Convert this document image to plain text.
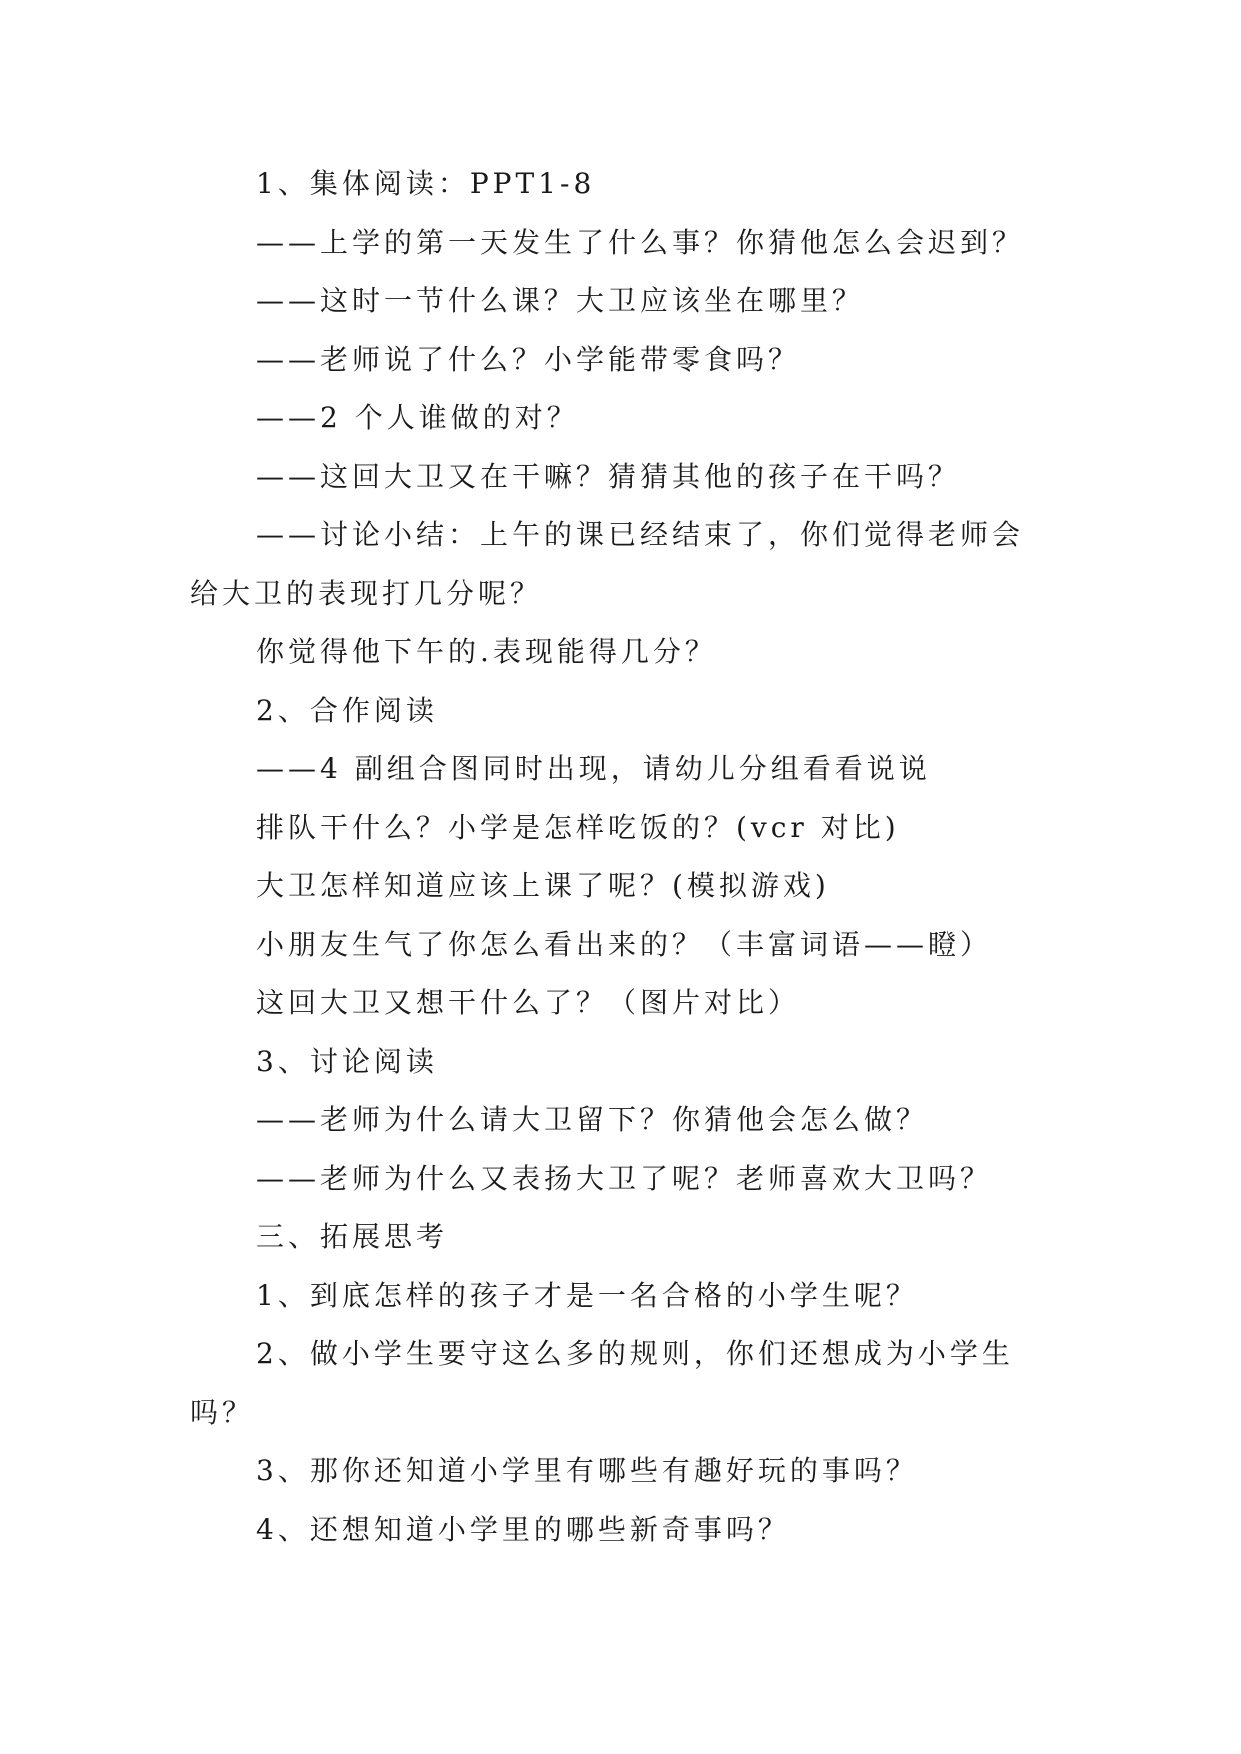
1、集体阅读：PPT1-8
——上学的第一天发生了什么事？你猜他怎么会迟到？
——这时一节什么课？大卫应该坐在哪里？
——老师说了什么？小学能带零食吗？
——2 个人谁做的对？
——这回大卫又在干嘛？猜猜其他的孩子在干吗？
——讨论小结：上午的课已经结束了，你们觉得老师会
给大卫的表现打几分呢？
你觉得他下午的.表现能得几分？
2、合作阅读
——4 副组合图同时出现，请幼儿分组看看说说
排队干什么？小学是怎样吃饭的？(vcr 对比)
大卫怎样知道应该上课了呢？(模拟游戏)
小朋友生气了你怎么看出来的？（丰富词语——瞪）
这回大卫又想干什么了？（图片对比）
3、讨论阅读
——老师为什么请大卫留下？你猜他会怎么做？
——老师为什么又表扬大卫了呢？老师喜欢大卫吗？
三、拓展思考
1、到底怎样的孩子才是一名合格的小学生呢？
2、做小学生要守这么多的规则，你们还想成为小学生
吗？
3、那你还知道小学里有哪些有趣好玩的事吗？
4、还想知道小学里的哪些新奇事吗？
